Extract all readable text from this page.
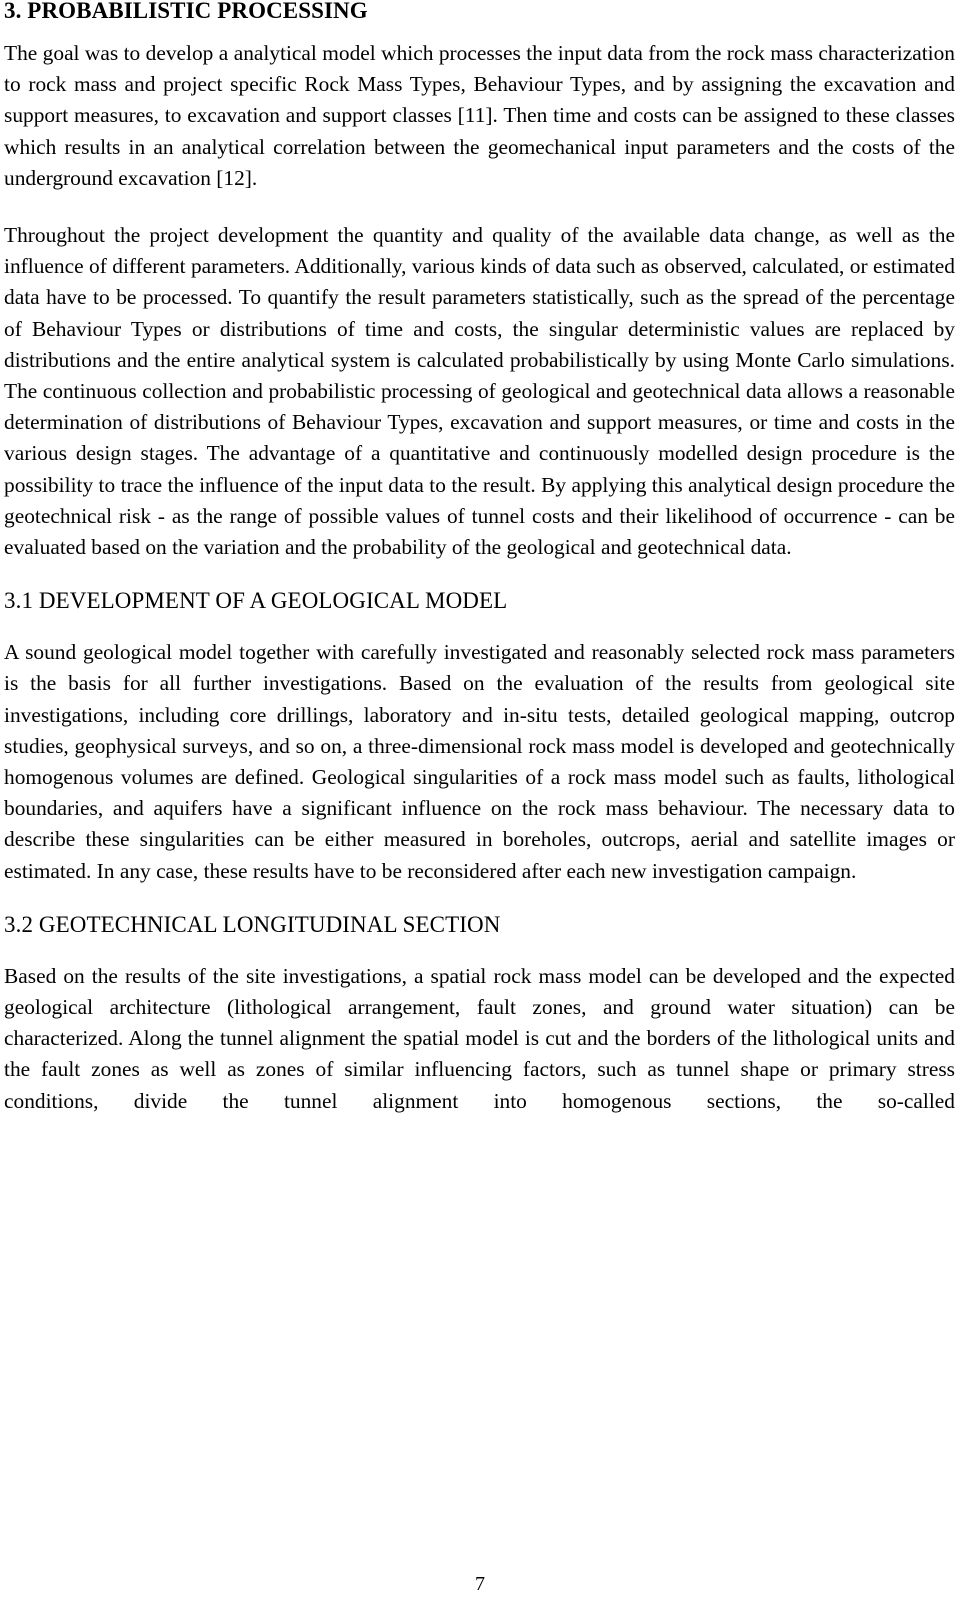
3. PROBABILISTIC PROCESSING

The goal was to develop a analytical model which processes the input data from the rock mass characterization to rock mass and project specific Rock Mass Types, Behaviour Types, and by assigning the excavation and support measures, to excavation and support classes [11]. Then time and costs can be assigned to these classes which results in an analytical correlation between the geomechanical input parameters and the costs of the underground excavation [12].

Throughout the project development the quantity and quality of the available data change, as well as the influence of different parameters. Additionally, various kinds of data such as observed, calculated, or estimated data have to be processed. To quantify the result parameters statistically, such as the spread of the percentage of Behaviour Types or distributions of time and costs, the singular deterministic values are replaced by distributions and the entire analytical system is calculated probabilistically by using Monte Carlo simulations. The continuous collection and probabilistic processing of geological and geotechnical data allows a reasonable determination of distributions of Behaviour Types, excavation and support measures, or time and costs in the various design stages. The advantage of a quantitative and continuously modelled design procedure is the possibility to trace the influence of the input data to the result. By applying this analytical design procedure the geotechnical risk - as the range of possible values of tunnel costs and their likelihood of occurrence - can be evaluated based on the variation and the probability of the geological and geotechnical data.

3.1 DEVELOPMENT OF A GEOLOGICAL MODEL

A sound geological model together with carefully investigated and reasonably selected rock mass parameters is the basis for all further investigations. Based on the evaluation of the results from geological site investigations, including core drillings, laboratory and in-situ tests, detailed geological mapping, outcrop studies, geophysical surveys, and so on, a three-dimensional rock mass model is developed and geotechnically homogenous volumes are defined. Geological singularities of a rock mass model such as faults, lithological boundaries, and aquifers have a significant influence on the rock mass behaviour. The necessary data to describe these singularities can be either measured in boreholes, outcrops, aerial and satellite images or estimated. In any case, these results have to be reconsidered after each new investigation campaign.

3.2 GEOTECHNICAL LONGITUDINAL SECTION

Based on the results of the site investigations, a spatial rock mass model can be developed and the expected geological architecture (lithological arrangement, fault zones, and ground water situation) can be characterized. Along the tunnel alignment the spatial model is cut and the borders of the lithological units and the fault zones as well as zones of similar influencing factors, such as tunnel shape or primary stress conditions, divide the tunnel alignment into homogenous sections, the so-called

7
